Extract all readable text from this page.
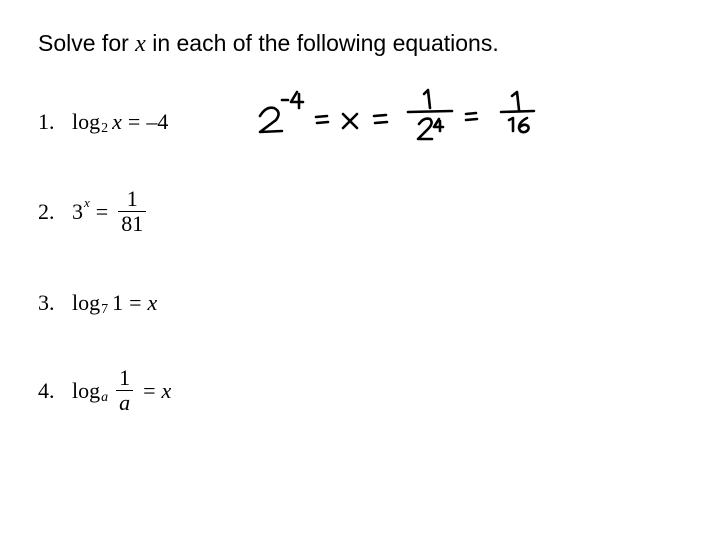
Solve for x in each of the following equations.
1. log 2 x = –4
2. 3 $x = \frac{1}{81}$
3. log 7 1 = x
4. log a $\frac{1}{a} = x$
